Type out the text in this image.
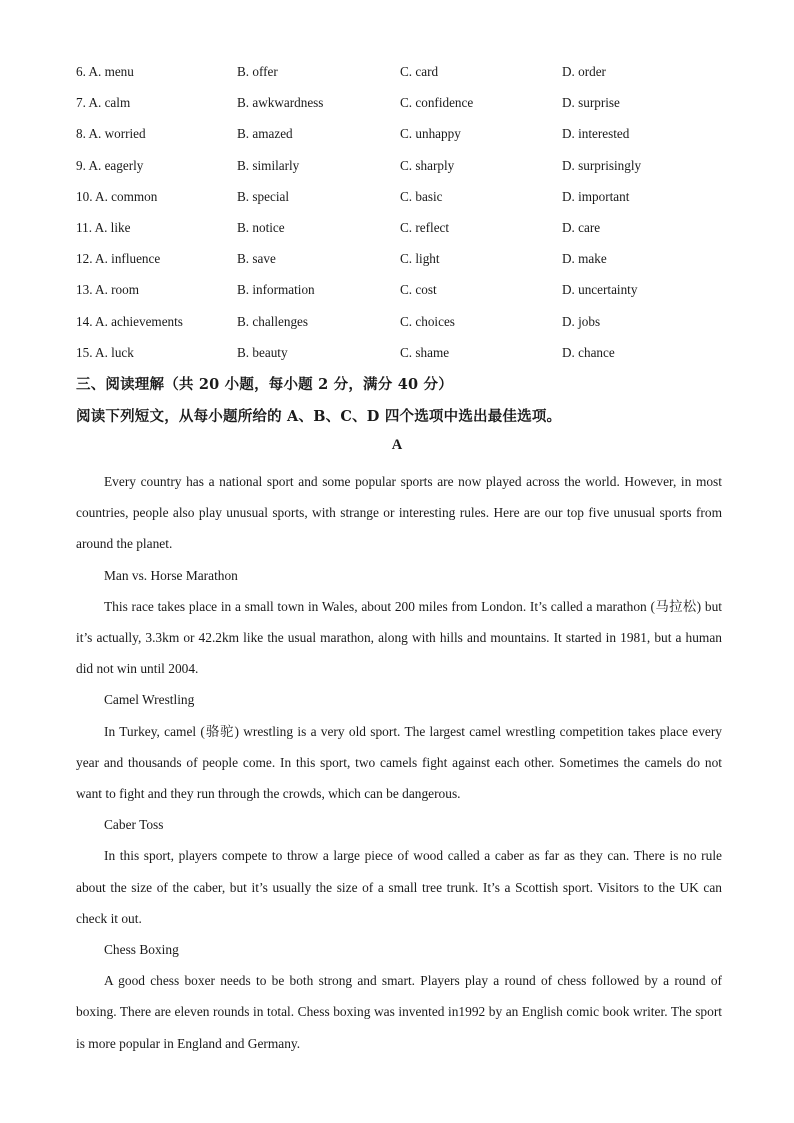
6. A. menu	B. offer	C. card	D. order
7. A. calm	B. awkwardness	C. confidence	D. surprise
8. A. worried	B. amazed	C. unhappy	D. interested
9. A. eagerly	B. similarly	C. sharply	D. surprisingly
10. A. common	B. special	C. basic	D. important
11. A. like	B. notice	C. reflect	D. care
12. A. influence	B. save	C. light	D. make
13. A. room	B. information	C. cost	D. uncertainty
14. A. achievements	B. challenges	C. choices	D. jobs
15. A. luck	B. beauty	C. shame	D. chance
三、阅读理解（共 20 小题，每小题 2 分，满分 40 分）
阅读下列短文，从每小题所给的 A、B、C、D 四个选项中选出最佳选项。
A

Every country has a national sport and some popular sports are now played across the world. However, in most countries, people also play unusual sports, with strange or interesting rules. Here are our top five unusual sports from around the planet.

Man vs. Horse Marathon

This race takes place in a small town in Wales, about 200 miles from London. It’s called a marathon (马拉松) but it’s actually, 3.3km or 42.2km like the usual marathon, along with hills and mountains. It started in 1981, but a human did not win until 2004.

Camel Wrestling

In Turkey, camel (骆驼) wrestling is a very old sport. The largest camel wrestling competition takes place every year and thousands of people come. In this sport, two camels fight against each other. Sometimes the camels do not want to fight and they run through the crowds, which can be dangerous.

Caber Toss

In this sport, players compete to throw a large piece of wood called a caber as far as they can. There is no rule about the size of the caber, but it’s usually the size of a small tree trunk. It’s a Scottish sport. Visitors to the UK can check it out.

Chess Boxing

A good chess boxer needs to be both strong and smart. Players play a round of chess followed by a round of boxing. There are eleven rounds in total. Chess boxing was invented in1992 by an English comic book writer. The sport is more popular in England and Germany.
